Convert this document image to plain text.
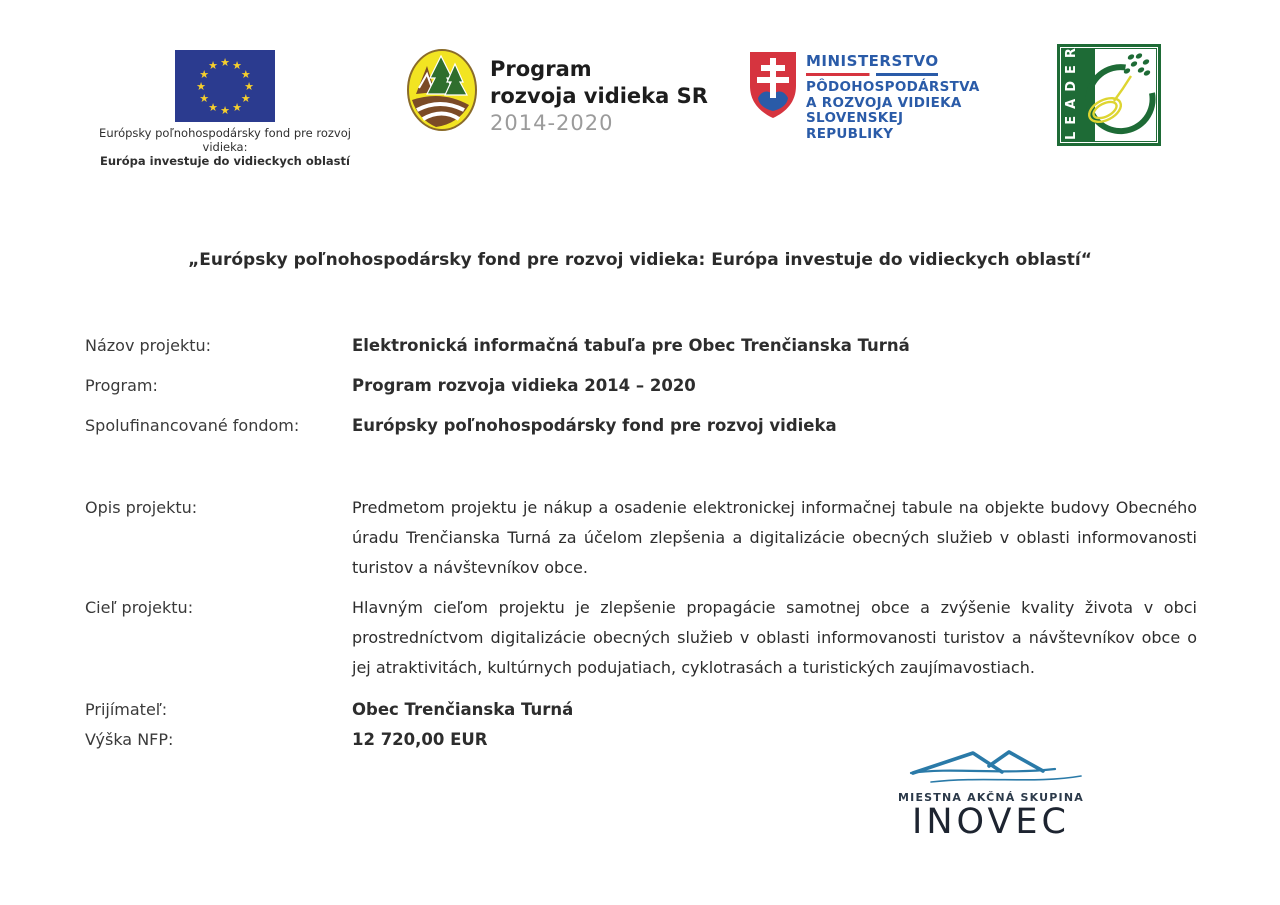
★ ★
★
★
★
★
★
★
★
★
★
★
Európsky poľnohospodársky fond pre rozvoj vidieka:
Európa investuje do vidieckych oblastí
Program
rozvoja vidieka SR
2014-2020
MINISTERSTVO
PÔDOHOSPODÁRSTVA
A ROZVOJA VIDIEKA
SLOVENSKEJ REPUBLIKY	LEADER
„Európsky poľnohospodársky fond pre rozvoj vidieka: Európa investuje do vidieckych oblastí“
Názov projektu:	Elektronická informačná tabuľa pre Obec Trenčianska Turná
Program:	Program rozvoja vidieka 2014 – 2020
Spolufinancované fondom:	Európsky poľnohospodársky fond pre rozvoj vidieka
Opis projektu:	Predmetom projektu je nákup a osadenie elektronickej informačnej tabule na objekte budovy Obecného úradu Trenčianska Turná za účelom zlepšenia a digitalizácie obecných služieb v oblasti informovanosti turistov a návštevníkov obce.
Cieľ projektu:	Hlavným cieľom projektu je zlepšenie propagácie samotnej obce a zvýšenie kvality života v obci prostredníctvom digitalizácie obecných služieb v oblasti informovanosti turistov a návštevníkov obce o jej atraktivitách, kultúrnych podujatiach, cyklotrasách a turistických zaujímavostiach.
Prijímateľ:	Obec Trenčianska Turná
Výška NFP:	12 720,00 EUR
MIESTNA AKČNÁ SKUPINA
INOVEC
